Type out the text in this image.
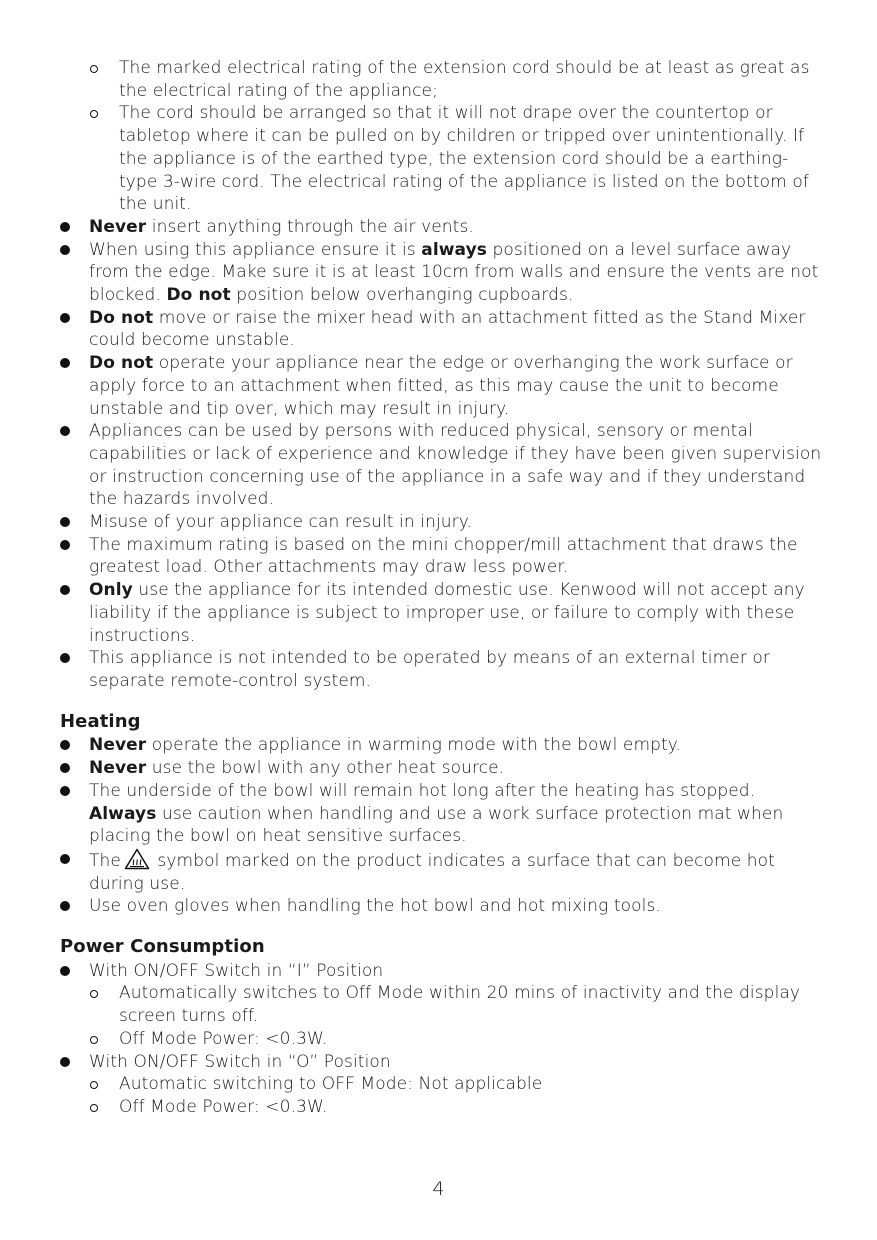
The marked electrical rating of the extension cord should be at least as great as the electrical rating of the appliance;
The cord should be arranged so that it will not drape over the countertop or tabletop where it can be pulled on by children or tripped over unintentionally. If the appliance is of the earthed type, the extension cord should be a earthing-type 3-wire cord. The electrical rating of the appliance is listed on the bottom of the unit.
Never insert anything through the air vents.
When using this appliance ensure it is always positioned on a level surface away from the edge. Make sure it is at least 10cm from walls and ensure the vents are not blocked. Do not position below overhanging cupboards.
Do not move or raise the mixer head with an attachment fitted as the Stand Mixer could become unstable.
Do not operate your appliance near the edge or overhanging the work surface or apply force to an attachment when fitted, as this may cause the unit to become unstable and tip over, which may result in injury.
Appliances can be used by persons with reduced physical, sensory or mental capabilities or lack of experience and knowledge if they have been given supervision or instruction concerning use of the appliance in a safe way and if they understand the hazards involved.
Misuse of your appliance can result in injury.
The maximum rating is based on the mini chopper/mill attachment that draws the greatest load. Other attachments may draw less power.
Only use the appliance for its intended domestic use. Kenwood will not accept any liability if the appliance is subject to improper use, or failure to comply with these instructions.
This appliance is not intended to be operated by means of an external timer or separate remote-control system.
Heating
Never operate the appliance in warming mode with the bowl empty.
Never use the bowl with any other heat source.
The underside of the bowl will remain hot long after the heating has stopped. Always use caution when handling and use a work surface protection mat when placing the bowl on heat sensitive surfaces.
The symbol marked on the product indicates a surface that can become hot during use.
Use oven gloves when handling the hot bowl and hot mixing tools.
Power Consumption
With ON/OFF Switch in “I” Position
Automatically switches to Off Mode within 20 mins of inactivity and the display screen turns off.
Off Mode Power: <0.3W.
With ON/OFF Switch in “O” Position
Automatic switching to OFF Mode: Not applicable
Off Mode Power: <0.3W.
4
